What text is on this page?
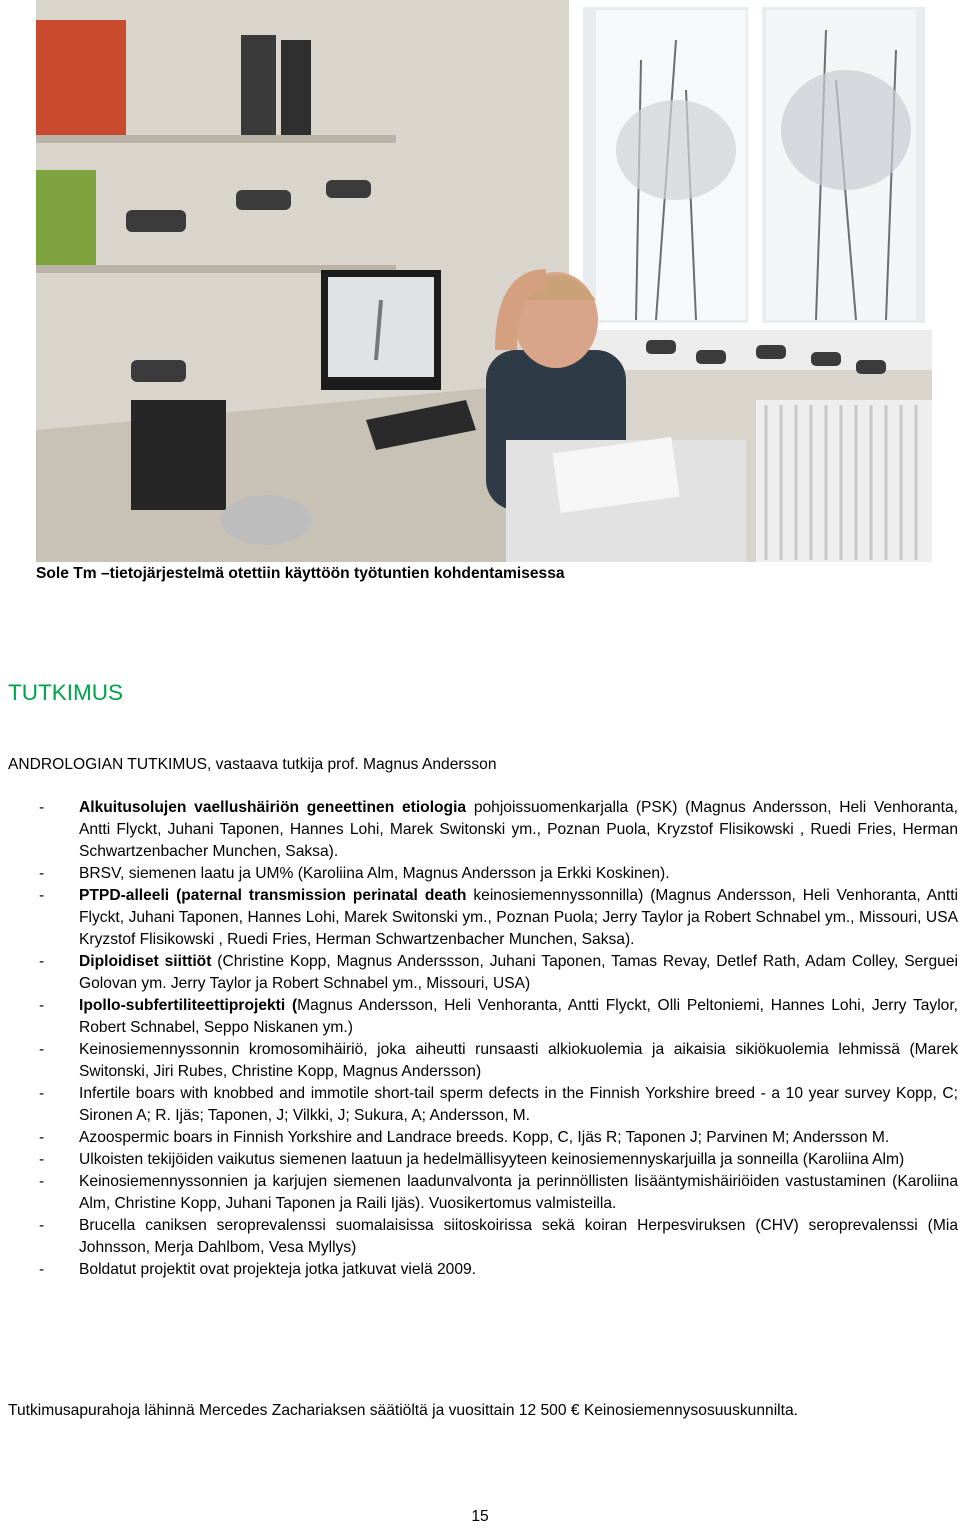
Sole Tm –tietojärjestelmä otettiin käyttöön työtuntien kohdentamisessa
TUTKIMUS
ANDROLOGIAN TUTKIMUS, vastaava tutkija prof. Magnus Andersson
- Alkuitusolujen vaellushäiriön geneettinen etiologia pohjoissuomenkarjalla (PSK) (Magnus Andersson, Heli Venhoranta, Antti Flyckt, Juhani Taponen, Hannes Lohi, Marek Switonski ym., Poznan Puola, Kryzstof Flisikowski , Ruedi Fries, Herman Schwartzenbacher Munchen, Saksa).
- BRSV, siemenen laatu ja UM% (Karoliina Alm, Magnus Andersson ja Erkki Koskinen).
- PTPD-alleeli (paternal transmission perinatal death keinosiemennyssonnilla) (Magnus Andersson, Heli Venhoranta, Antti Flyckt, Juhani Taponen, Hannes Lohi, Marek Switonski ym., Poznan Puola; Jerry Taylor ja Robert Schnabel ym., Missouri, USA Kryzstof Flisikowski , Ruedi Fries, Herman Schwartzenbacher Munchen, Saksa).
- Diploidiset siittiöt (Christine Kopp, Magnus Anderssson, Juhani Taponen, Tamas Revay, Detlef Rath, Adam Colley, Serguei Golovan ym. Jerry Taylor ja Robert Schnabel ym., Missouri, USA)
- Ipollo-subfertiliteettiprojekti (Magnus Andersson, Heli Venhoranta, Antti Flyckt, Olli Peltoniemi, Hannes Lohi, Jerry Taylor, Robert Schnabel, Seppo Niskanen ym.)
- Keinosiemennyssonnin kromosomihäiriö, joka aiheutti runsaasti alkiokuolemia ja aikaisia sikiökuolemia lehmissä (Marek Switonski, Jiri Rubes, Christine Kopp, Magnus Andersson)
- Infertile boars with knobbed and immotile short-tail sperm defects in the Finnish Yorkshire breed - a 10 year survey Kopp, C; Sironen A; R. Ijäs; Taponen, J; Vilkki, J; Sukura, A; Andersson, M.
- Azoospermic boars in Finnish Yorkshire and Landrace breeds. Kopp, C, Ijäs R; Taponen J; Parvinen M; Andersson M.
- Ulkoisten tekijöiden vaikutus siemenen laatuun ja hedelmällisyyteen keinosiemennyskarjuilla ja sonneilla (Karoliina Alm)
- Keinosiemennyssonnien ja karjujen siemenen laadunvalvonta ja perinnöllisten lisääntymishäiriöiden vastustaminen (Karoliina Alm, Christine Kopp, Juhani Taponen ja Raili Ijäs). Vuosikertomus valmisteilla.
- Brucella caniksen seroprevalenssi suomalaisissa siitoskoirissa sekä koiran Herpesviruksen (CHV) seroprevalenssi (Mia Johnsson, Merja Dahlbom, Vesa Myllys)
- Boldatut projektit ovat projekteja jotka jatkuvat vielä 2009.
Tutkimusapurahoja lähinnä Mercedes Zachariaksen säätiöltä ja vuosittain 12 500 € Keinosiemennysosuuskunnilta.
15
